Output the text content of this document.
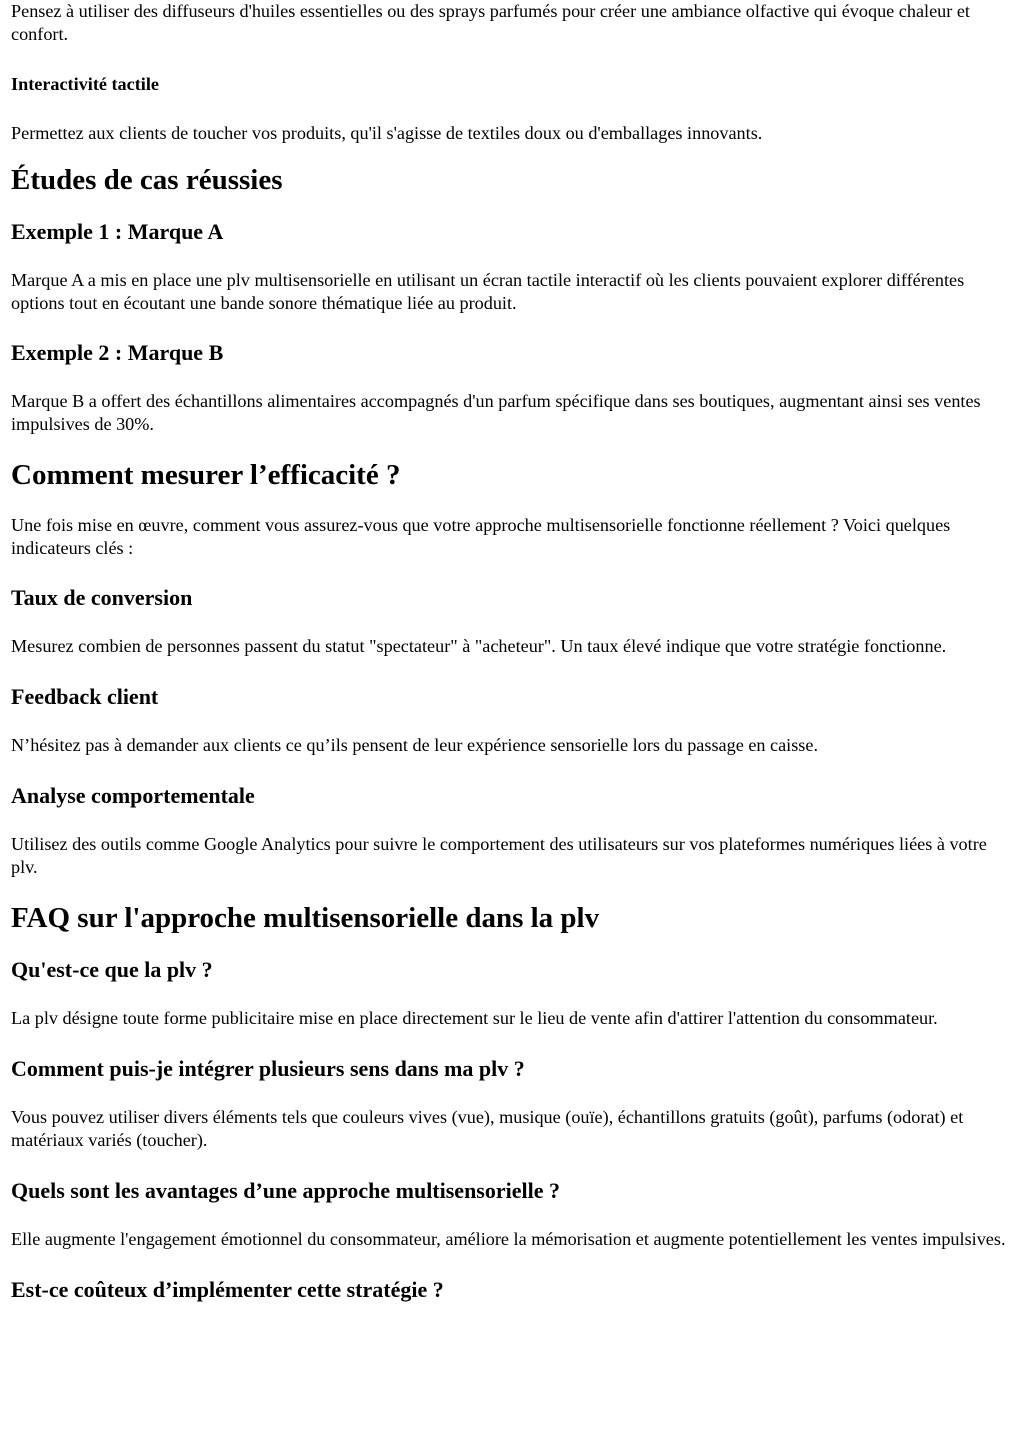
Pensez à utiliser des diffuseurs d'huiles essentielles ou des sprays parfumés pour créer une ambiance olfactive qui évoque chaleur et confort.

Interactivité tactile

Permettez aux clients de toucher vos produits, qu'il s'agisse de textiles doux ou d'emballages innovants.

Études de cas réussies
Exemple 1 : Marque A

Marque A a mis en place une plv multisensorielle en utilisant un écran tactile interactif où les clients pouvaient explorer différentes options tout en écoutant une bande sonore thématique liée au produit.

Exemple 2 : Marque B

Marque B a offert des échantillons alimentaires accompagnés d'un parfum spécifique dans ses boutiques, augmentant ainsi ses ventes impulsives de 30%.

Comment mesurer l’efficacité ?

Une fois mise en œuvre, comment vous assurez-vous que votre approche multisensorielle fonctionne réellement ? Voici quelques indicateurs clés :

Taux de conversion

Mesurez combien de personnes passent du statut "spectateur" à "acheteur". Un taux élevé indique que votre stratégie fonctionne.

Feedback client

N’hésitez pas à demander aux clients ce qu’ils pensent de leur expérience sensorielle lors du passage en caisse.

Analyse comportementale

Utilisez des outils comme Google Analytics pour suivre le comportement des utilisateurs sur vos plateformes numériques liées à votre plv.

FAQ sur l'approche multisensorielle dans la plv
Qu'est-ce que la plv ?

La plv désigne toute forme publicitaire mise en place directement sur le lieu de vente afin d'attirer l'attention du consommateur.

Comment puis-je intégrer plusieurs sens dans ma plv ?

Vous pouvez utiliser divers éléments tels que couleurs vives (vue), musique (ouïe), échantillons gratuits (goût), parfums (odorat) et matériaux variés (toucher).

Quels sont les avantages d’une approche multisensorielle ?

Elle augmente l'engagement émotionnel du consommateur, améliore la mémorisation et augmente potentiellement les ventes impulsives.

Est-ce coûteux d’implémenter cette stratégie ?
